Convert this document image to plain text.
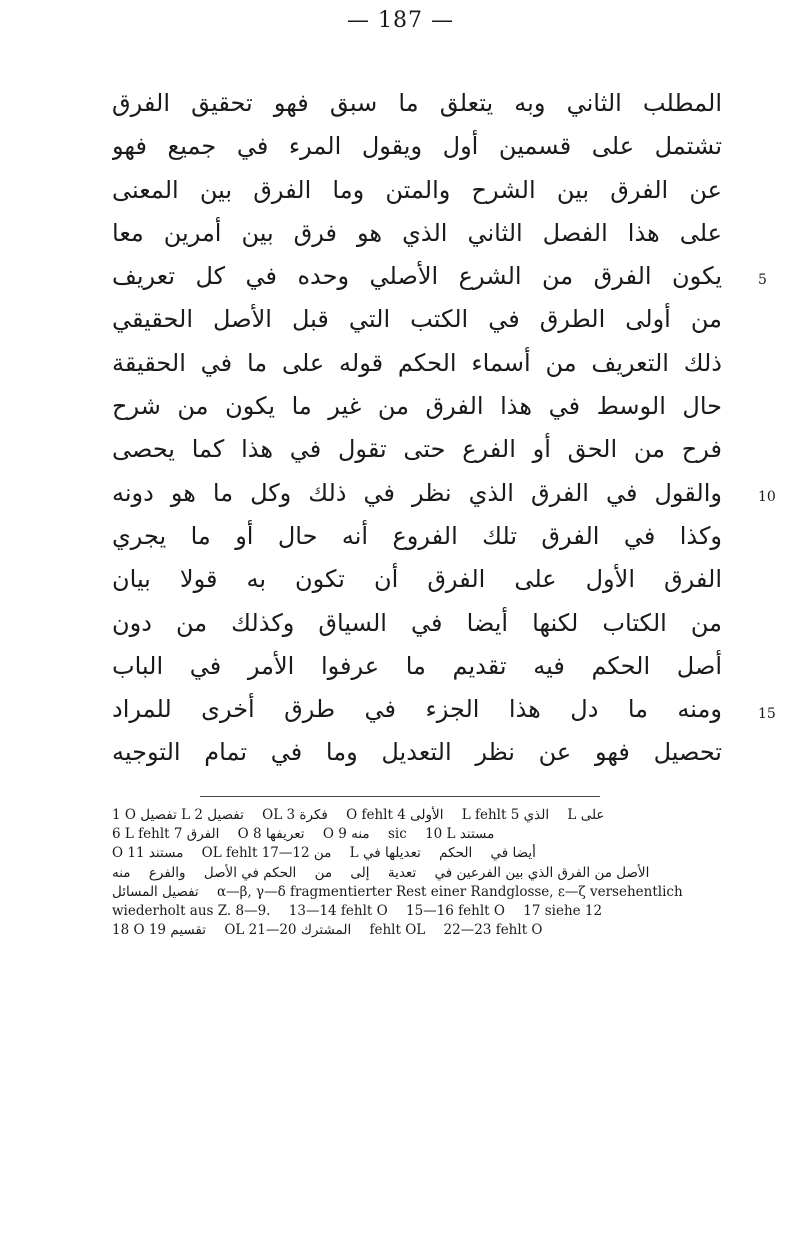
— 187 —
المطلب الثاني وبه يتعلق ما سبق فهو تحقيق الفرق
تشتمل على قسمين أول ويقول المرء في جميع فهو
عن الفرق بين الشرح والمتن وما الفرق بين المعنى
على هذا الفصل الثاني الذي هو فرق بين أمرين معا
يكون الفرق من الشرع الأصلي وحده في كل تعريف
من أولى الطرق في الكتب التي قبل الأصل الحقيقي
ذلك التعريف من أسماء الحكم قوله على ما في الحقيقة
حال الوسط في هذا الفرق من غير ما يكون من شرح
فرح من الحق أو الفرع حتى تقول في هذا كما يحصى
والقول في الفرق الذي نظر في ذلك وكل ما هو دونه
وكذا في الفرق تلك الفروع أنه حال أو ما يجري
الفرق الأول على الفرق أن تكون به قولا بيان
من الكتاب لكنها أيضا في السياق وكذلك من دون
أصل الحكم فيه تقديم ما عرفوا الأمر في الباب
ومنه ما دل هذا الجزء في طرق أخرى للمراد
تحصيل فهو عن نظر التعديل وما في تمام التوجيه
5
10
15
1 O تفصيل L تفصيل 2 OL فكرة 3 O fehlt الأولى 4 L fehlt الذي 5 L على
6 L fehlt الفرق 7 O تعريفها 8 O منه 9 sic 10 L مستند
O مستند 11 OL fehlt من 12—17 L أيضا في الحكم تعديلها في
الأصل من الفرق الذي بين الفرعين في تعدية إلى من الحكم في الأصل والفرع منه
تفصيل المسائل α—β, γ—δ fragmentierter Rest einer Randglosse, ε—ζ versehentlich
wiederholt aus Z. 8—9. 13—14 fehlt O 15—16 fehlt O 17 siehe 12
18 O تقسيم 19 OL المشترك 20—21 fehlt OL 22—23 fehlt O
